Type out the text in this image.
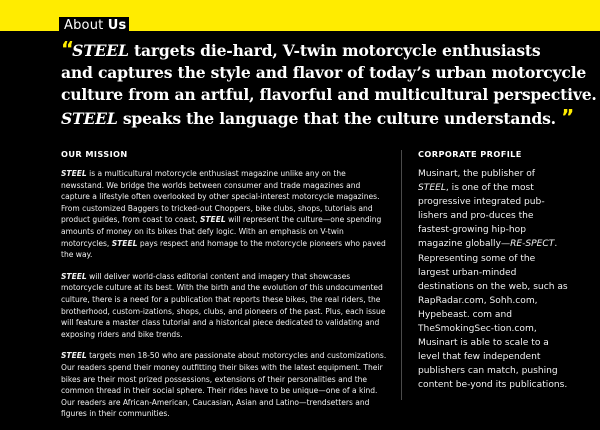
About Us
“STEEL targets die-hard, V-twin motorcycle enthusiasts
and captures the style and flavor of today’s urban motorcycle
culture from an artful, flavorful and multicultural perspective.
STEEL speaks the language that the culture understands. ”
OUR MISSION

STEEL is a multicultural motorcycle enthusiast magazine unlike any on the newsstand. We bridge the worlds between consumer and trade magazines and capture a lifestyle often overlooked by other special-interest motorcycle magazines. From customized Baggers to tricked-out Choppers, bike clubs, shops, tutorials and product guides, from coast to coast, STEEL will represent the culture—one spending amounts of money on its bikes that defy logic. With an emphasis on V-twin motorcycles, STEEL pays respect and homage to the motorcycle pioneers who paved the way.

STEEL will deliver world-class editorial content and imagery that showcases motorcycle culture at its best. With the birth and the evolution of this undocumented culture, there is a need for a publication that reports these bikes, the real riders, the brotherhood, custom-izations, shops, clubs, and pioneers of the past. Plus, each issue will feature a master class tutorial and a historical piece dedicated to validating and exposing riders and bike trends.

STEEL targets men 18-50 who are passionate about motorcycles and customizations. Our readers spend their money outfitting their bikes with the latest equipment. Their bikes are their most prized possessions, extensions of their personalities and the common thread in their social sphere. Their rides have to be unique—one of a kind. Our readers are African-American, Caucasian, Asian and Latino—trendsetters and figures in their communities.

CORPORATE PROFILE

Musinart, the publisher of STEEL, is one of the most progressive integrated pub-lishers and pro-duces the fastest-growing hip-hop magazine globally—RE-SPECT. Representing some of the largest urban-minded destinations on the web, such as RapRadar.com, Sohh.com, Hypebeast. com and TheSmokingSec-tion.com, Musinart is able to scale to a level that few independent publishers can match, pushing content be-yond its publications.
